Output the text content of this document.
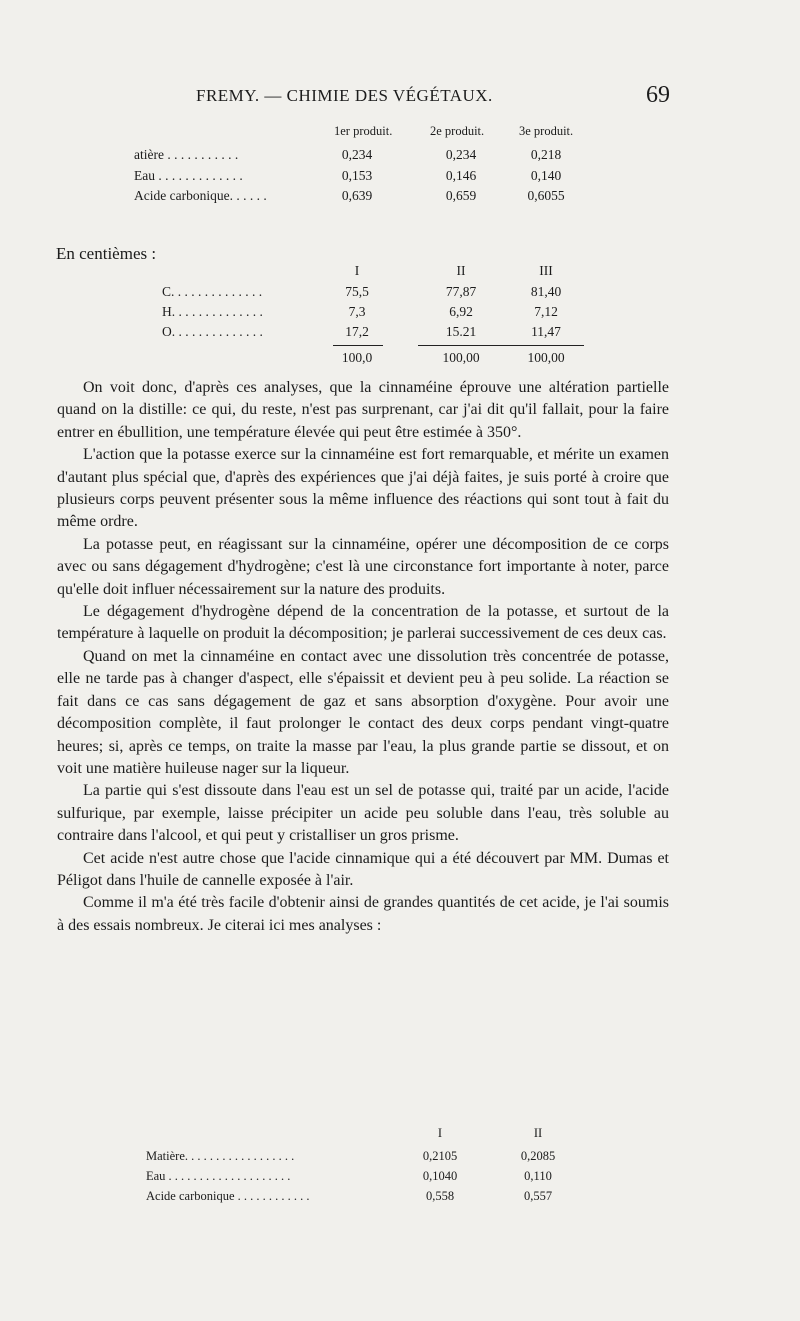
FREMY. — CHIMIE DES VÉGÉTAUX.	69
1er produit.	2e produit.	3e produit.
atière . . . . . . . . . . .	0,234	0,234	0,218
Eau . . . . . . . . . . . . .	0,153	0,146	0,140
Acide carbonique. . . . . .	0,639	0,659	0,6055
En centièmes :
I	II	III
C. . . . . . . . . . . . . .	75,5	77,87	81,40
H. . . . . . . . . . . . . .	7,3	6,92	7,12
O. . . . . . . . . . . . . .	17,2	15.21	11,47
100,0	100,00	100,00

On voit donc, d'après ces analyses, que la cinnaméine éprouve une altération partielle quand on la distille: ce qui, du reste, n'est pas surprenant, car j'ai dit qu'il fallait, pour la faire entrer en ébullition, une température élevée qui peut être estimée à 350°.

L'action que la potasse exerce sur la cinnaméine est fort remarquable, et mérite un examen d'autant plus spécial que, d'après des expériences que j'ai déjà faites, je suis porté à croire que plusieurs corps peuvent présenter sous la même influence des réactions qui sont tout à fait du même ordre.

La potasse peut, en réagissant sur la cinnaméine, opérer une décomposition de ce corps avec ou sans dégagement d'hydrogène; c'est là une circonstance fort importante à noter, parce qu'elle doit influer nécessairement sur la nature des produits.

Le dégagement d'hydrogène dépend de la concentration de la potasse, et surtout de la température à laquelle on produit la décomposition; je parlerai successivement de ces deux cas.

Quand on met la cinnaméine en contact avec une dissolution très concentrée de potasse, elle ne tarde pas à changer d'aspect, elle s'épaissit et devient peu à peu solide. La réaction se fait dans ce cas sans dégagement de gaz et sans absorption d'oxygène. Pour avoir une décomposition complète, il faut prolonger le contact des deux corps pendant vingt-quatre heures; si, après ce temps, on traite la masse par l'eau, la plus grande partie se dissout, et on voit une matière huileuse nager sur la liqueur.

La partie qui s'est dissoute dans l'eau est un sel de potasse qui, traité par un acide, l'acide sulfurique, par exemple, laisse précipiter un acide peu soluble dans l'eau, très soluble au contraire dans l'alcool, et qui peut y cristalliser un gros prisme.

Cet acide n'est autre chose que l'acide cinnamique qui a été découvert par MM. Dumas et Péligot dans l'huile de cannelle exposée à l'air.

Comme il m'a été très facile d'obtenir ainsi de grandes quantités de cet acide, je l'ai soumis à des essais nombreux. Je citerai ici mes analyses :

I	II
Matière. . . . . . . . . . . . . . . . . .	0,2105	0,2085
Eau . . . . . . . . . . . . . . . . . . . .	0,1040	0,110
Acide carbonique . . . . . . . . . . . .	0,558	0,557
